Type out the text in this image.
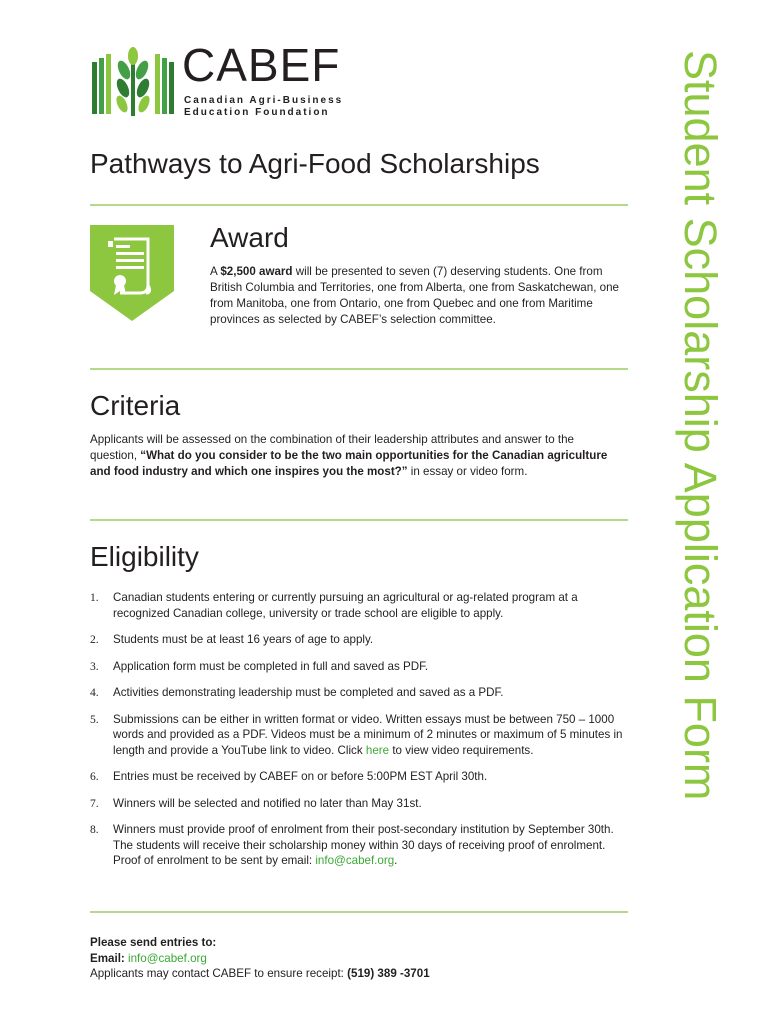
CABEF
Canadian Agri-Business
Education Foundation	Student Scholarship Application Form
Pathways to Agri-Food Scholarships
Award
A $2,500 award will be presented to seven (7) deserving students. One from British Columbia and Territories, one from Alberta, one from Saskatchewan, one from Manitoba, one from Ontario, one from Quebec and one from Maritime provinces as selected by CABEF’s selection committee.
Criteria
Applicants will be assessed on the combination of their leadership attributes and answer to the question, “What do you consider to be the two main opportunities for the Canadian agriculture and food industry and which one inspires you the most?” in essay or video form.
Eligibility
1. Canadian students entering or currently pursuing an agricultural or ag-related program at a recognized Canadian college, university or trade school are eligible to apply.
2. Students must be at least 16 years of age to apply.
3. Application form must be completed in full and saved as PDF.
4. Activities demonstrating leadership must be completed and saved as a PDF.
5. Submissions can be either in written format or video. Written essays must be between 750 – 1000 words and provided as a PDF. Videos must be a minimum of 2 minutes or maximum of 5 minutes in length and provide a YouTube link to video. Click here to view video requirements.
6. Entries must be received by CABEF on or before 5:00PM EST April 30th.
7. Winners will be selected and notified no later than May 31st.
8. Winners must provide proof of enrolment from their post-secondary institution by September 30th. The students will receive their scholarship money within 30 days of receiving proof of enrolment. Proof of enrolment to be sent by email: info@cabef.org.
Please send entries to:
Email: info@cabef.org
Applicants may contact CABEF to ensure receipt: (519) 389 -3701
